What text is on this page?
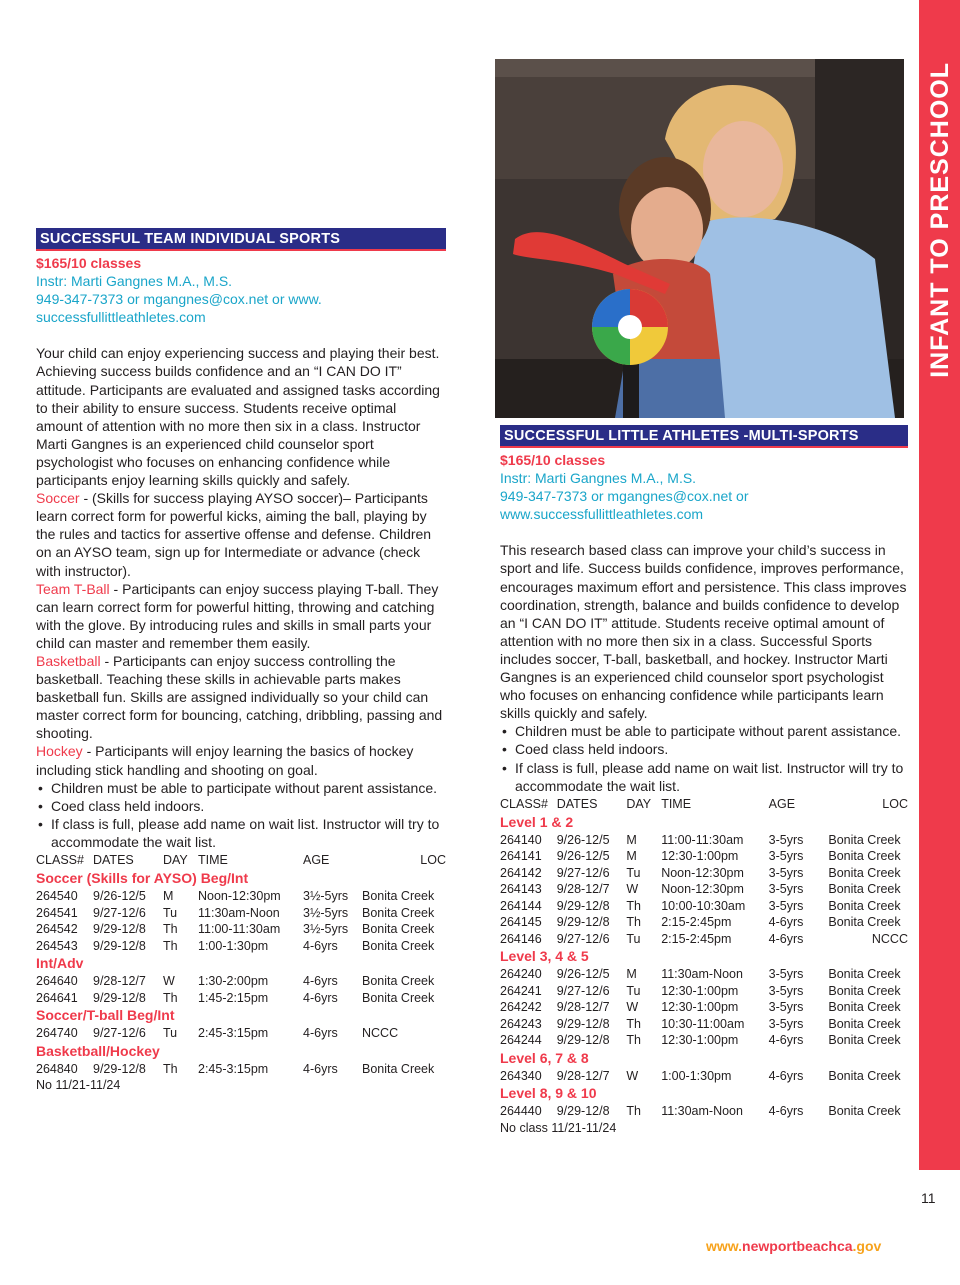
INFANT TO PRESCHOOL
SUCCESSFUL TEAM INDIVIDUAL SPORTS
$165/10 classes
Instr: Marti Gangnes M.A., M.S.
949-347-7373 or mgangnes@cox.net or www.
successfullittleathletes.com

Your child can enjoy experiencing success and playing their best. Achieving success builds confidence and an “I CAN DO IT” attitude. Participants are evaluated and assigned tasks according to their ability to ensure success. Students receive optimal amount of attention with no more then six in a class. Instructor Marti Gangnes is an experienced child counselor sport psychologist who focuses on enhancing confidence while participants enjoy learning skills quickly and safely.

Soccer - (Skills for success playing AYSO soccer)– Participants learn correct form for powerful kicks, aiming the ball, playing by the rules and tactics for assertive offense and defense. Children on an AYSO team, sign up for Intermediate or advance (check with instructor).

Team T-Ball - Participants can enjoy success playing T-ball. They can learn correct form for powerful hitting, throwing and catching with the glove. By introducing rules and skills in small parts your child can master and remember them easily.

Basketball - Participants can enjoy success controlling the basketball. Teaching these skills in achievable parts makes basketball fun. Skills are assigned individually so your child can master correct form for bouncing, catching, dribbling, passing and shooting.

Hockey - Participants will enjoy learning the basics of hockey including stick handling and shooting on goal.

• Children must be able to participate without parent assistance.
• Coed class held indoors.
• If class is full, please add name on wait list. Instructor will try to accommodate the wait list.
CLASS# DATES	DAY TIME	AGE	LOC
Soccer (Skills for AYSO) Beg/Int
264540	9/26-12/5	M	Noon-12:30pm	3½-5yrs	Bonita Creek
264541	9/27-12/6	Tu	11:30am-Noon	3½-5yrs	Bonita Creek
264542	9/29-12/8	Th	11:00-11:30am	3½-5yrs	Bonita Creek
264543	9/29-12/8	Th	1:00-1:30pm	4-6yrs	Bonita Creek
Int/Adv
264640	9/28-12/7	W	1:30-2:00pm	4-6yrs	Bonita Creek
264641	9/29-12/8	Th	1:45-2:15pm	4-6yrs	Bonita Creek
Soccer/T-ball Beg/Int
264740	9/27-12/6	Tu	2:45-3:15pm	4-6yrs	NCCC
Basketball/Hockey
264840	9/29-12/8	Th	2:45-3:15pm	4-6yrs	Bonita Creek
No 11/21-11/24
SUCCESSFUL LITTLE ATHLETES -MULTI-SPORTS
$165/10 classes
Instr: Marti Gangnes M.A., M.S.
949-347-7373 or mgangnes@cox.net or
www.successfullittleathletes.com

This research based class can improve your child’s success in sport and life. Success builds confidence, improves performance, encourages maximum effort and persistence. This class improves coordination, strength, balance and builds confidence to develop an “I CAN DO IT” attitude. Students receive optimal amount of attention with no more then six in a class. Successful Sports includes soccer, T-ball, basketball, and hockey. Instructor Marti Gangnes is an experienced child counselor sport psychologist who focuses on enhancing confidence while participants learn skills quickly and safely.

• Children must be able to participate without parent assistance.
• Coed class held indoors.
• If class is full, please add name on wait list. Instructor will try to accommodate the wait list.
CLASS# DATES	DAY TIME	AGE	LOC
Level 1 & 2
264140	9/26-12/5	M	11:00-11:30am	3-5yrs	Bonita Creek
264141	9/26-12/5	M	12:30-1:00pm	3-5yrs	Bonita Creek
264142	9/27-12/6	Tu	Noon-12:30pm	3-5yrs	Bonita Creek
264143	9/28-12/7	W	Noon-12:30pm	3-5yrs	Bonita Creek
264144	9/29-12/8	Th	10:00-10:30am	3-5yrs	Bonita Creek
264145	9/29-12/8	Th	2:15-2:45pm	4-6yrs	Bonita Creek
264146	9/27-12/6	Tu	2:15-2:45pm	4-6yrs	NCCC
Level 3, 4 & 5
264240	9/26-12/5	M	11:30am-Noon	3-5yrs	Bonita Creek
264241	9/27-12/6	Tu	12:30-1:00pm	3-5yrs	Bonita Creek
264242	9/28-12/7	W	12:30-1:00pm	3-5yrs	Bonita Creek
264243	9/29-12/8	Th	10:30-11:00am	3-5yrs	Bonita Creek
264244	9/29-12/8	Th	12:30-1:00pm	4-6yrs	Bonita Creek
Level 6, 7 & 8
264340	9/28-12/7	W	1:00-1:30pm	4-6yrs	Bonita Creek
Level 8, 9 & 10
264440	9/29-12/8	Th	11:30am-Noon	4-6yrs	Bonita Creek
No class 11/21-11/24
11
www.newportbeachca.gov
